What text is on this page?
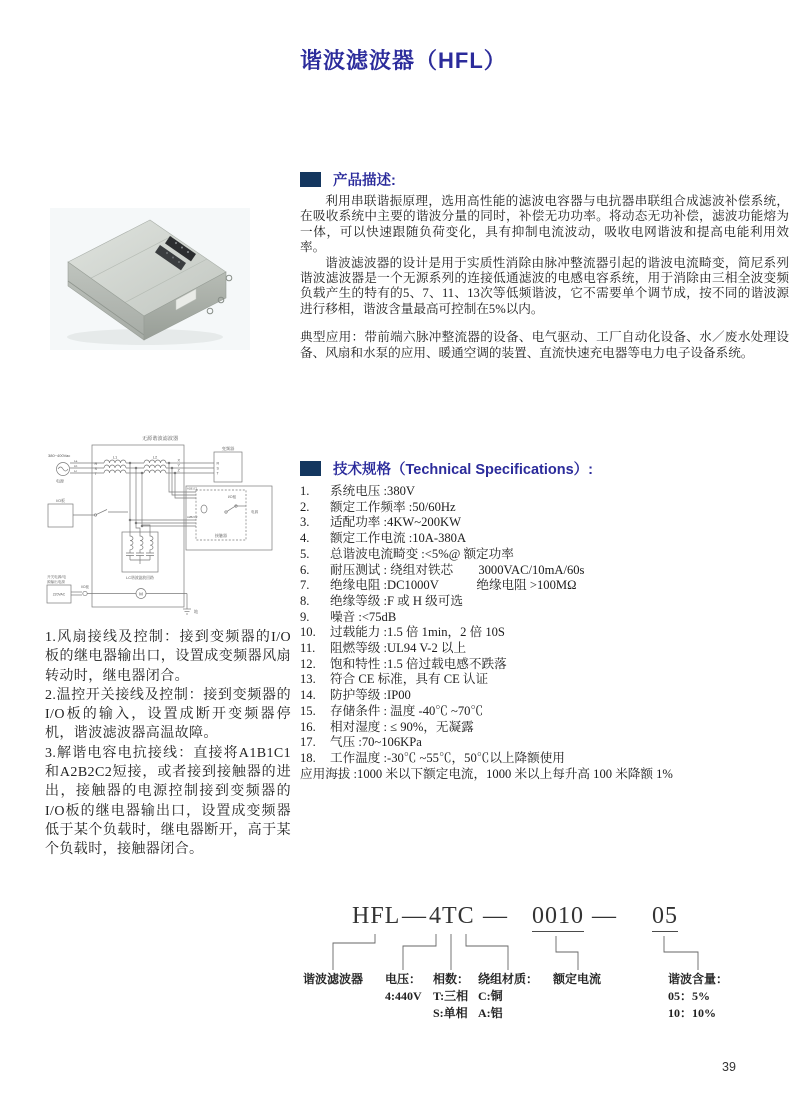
谐波滤波器（HFL）
无源谐波滤波器
380~400Vac
电源
La
Lb
Lc
R
S
T
L1	L2
X
Y
Z
变频器
R
S
T
接触器
I/O板
电源
A1B1C1
A2B2C2
LC谐波滤波回路
I/O板
开关电源/电
源输出电源
220VAC
I/O板
M
地
产品描述:

利用串联谐振原理，选用高性能的滤波电容器与电抗器串联组合成滤波补偿系统，在吸收系统中主要的谐波分量的同时，补偿无功功率。将动态无功补偿，滤波功能熔为一体，可以快速跟随负荷变化，具有抑制电流波动，吸收电网谐波和提高电能利用效率。

谐波滤波器的设计是用于实质性消除由脉冲整流器引起的谐波电流畸变，简尼系列谐波滤波器是一个无源系列的连接低通滤波的电感电容系统，用于消除由三相全波变频负载产生的特有的5、7、11、13次等低频谐波，它不需要单个调节成，按不同的谐波源进行移相，谐波含量最高可控制在5%以内。

典型应用：带前端六脉冲整流器的设备、电气驱动、工厂自动化设备、水／废水处理设备、风扇和水泵的应用、暖通空调的装置、直流快速充电器等电力电子设备系统。

技术规格（Technical Specifications）:
1.	系统电压 :380V
2.	额定工作频率 :50/60Hz
3.	适配功率 :4KW~200KW
4.	额定工作电流 :10A-380A
5.	总谐波电流畸变 :<5%@ 额定功率
6.	耐压测试 : 绕组对铁芯　　3000VAC/10mA/60s
7.	绝缘电阻 :DC1000V　　　绝缘电阻 >100MΩ
8.	绝缘等级 :F 或 H 级可选
9.	噪音 :<75dB
10.	过载能力 :1.5 倍 1min，2 倍 10S
11.	阻燃等级 :UL94 V-2 以上
12.	饱和特性 :1.5 倍过载电感不跌落
13.	符合 CE 标准，具有 CE 认证
14.	防护等级 :IP00
15.	存储条件 : 温度 -40℃ ~70℃
16.	相对湿度 : ≤ 90%，无凝露
17.	气压 :70~106KPa
18.	工作温度 :-30℃ ~55℃，50℃以上降额使用
应用海拔 :1000 米以下额定电流，1000 米以上每升高 100 米降额 1%

1.风扇接线及控制：接到变频器的I/O板的继电器输出口，设置成变频器风扇转动时，继电器闭合。

2.温控开关接线及控制：接到变频器的I/O板的输入，设置成断开变频器停机，谐波滤波器高温故障。

3.解谐电容电抗接线：直接将A1B1C1和A2B2C2短接，或者接到接触器的进出，接触器的电源控制接到变频器的I/O板的继电器输出口，设置成变频器低于某个负载时，继电器断开，高于某个负载时，接触器闭合。

HFL — 4TC — 0010 — 05
谐波滤波器 电压：
4:440V
相数：
T:三相
S:单相
绕组材质：
C:铜
A:铝
额定电流	谐波含量：
05：5%
10：10%
39
